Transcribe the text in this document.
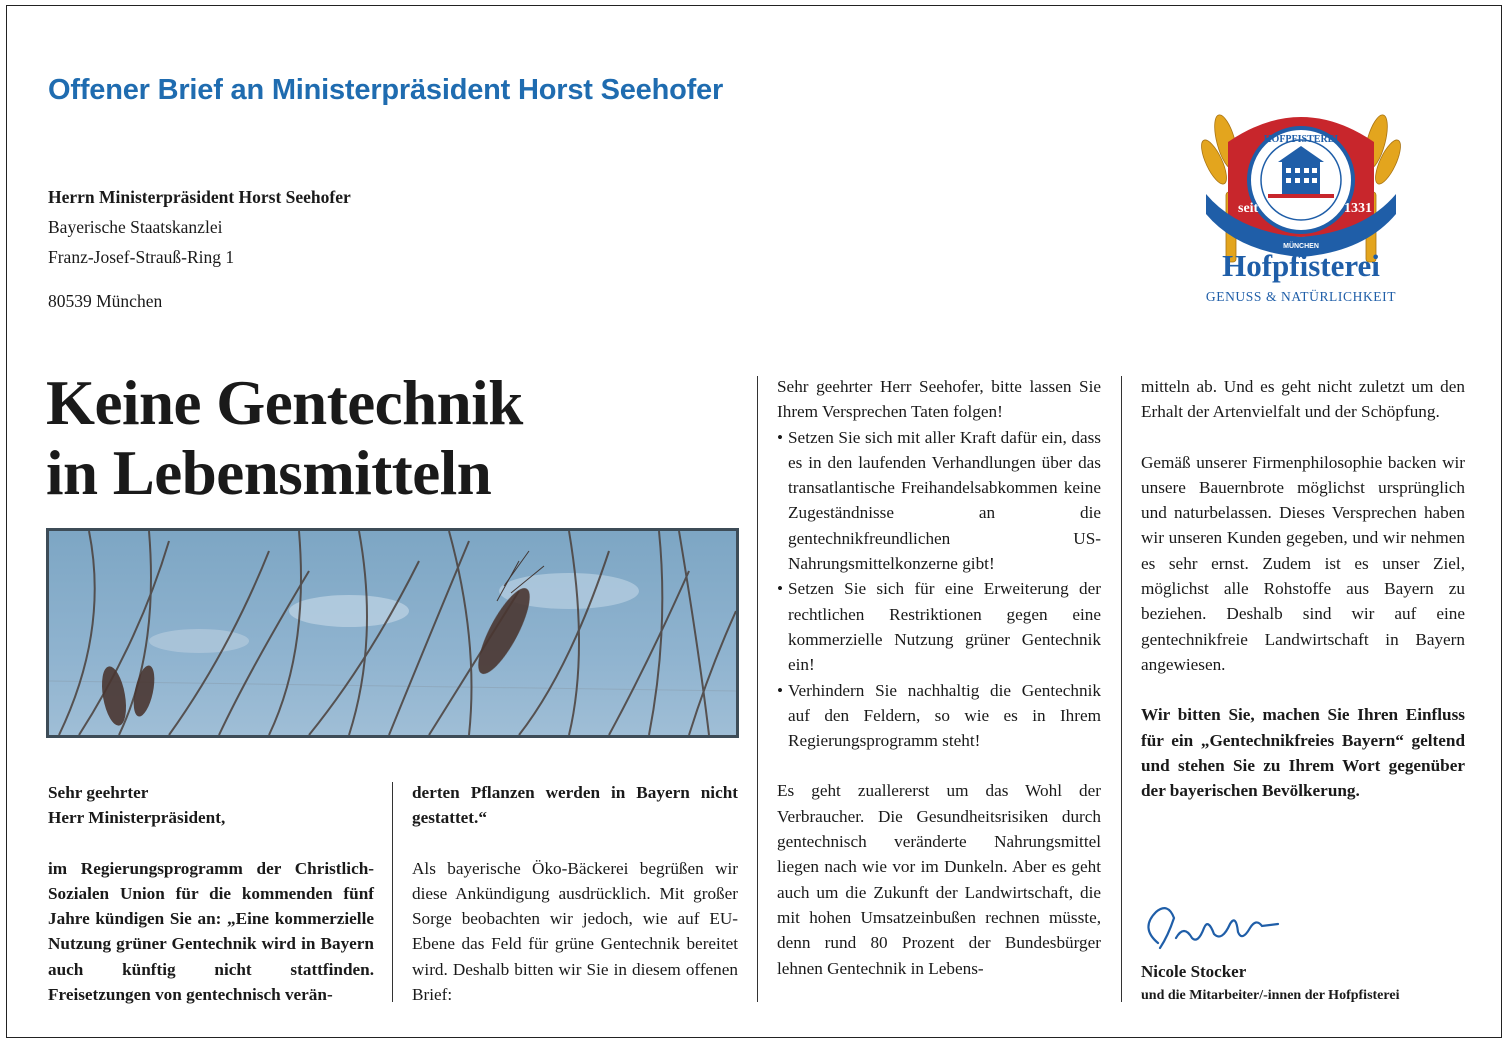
Offener Brief an Ministerpräsident Horst Seehofer
Herrn Ministerpräsident Horst Seehofer
Bayerische Staatskanzlei
Franz-Josef-Strauß-Ring 1
80539 München
Keine Gentechnik
in Lebensmitteln

Sehr geehrter

Herr Ministerpräsident,

im Regierungsprogramm der Christlich-Sozialen Union für die kommenden fünf Jahre kündigen Sie an: „Eine kommerzielle Nutzung grüner Gentechnik wird in Bayern auch künftig nicht stattfinden. Freisetzungen von gentechnisch verän-

derten Pflanzen werden in Bayern nicht gestattet.“

Als bayerische Öko-Bäckerei begrüßen wir diese Ankündigung ausdrücklich. Mit großer Sorge beobachten wir jedoch, wie auf EU-Ebene das Feld für grüne Gentechnik bereitet wird. Deshalb bitten wir Sie in diesem offenen Brief:

Sehr geehrter Herr Seehofer, bitte lassen Sie Ihrem Versprechen Taten folgen!

• Setzen Sie sich mit aller Kraft dafür ein, dass es in den laufenden Verhandlungen über das transatlantische Freihandelsabkommen keine Zugeständnisse an die gentechnikfreundlichen US-Nahrungsmittelkonzerne gibt!

• Setzen Sie sich für eine Erweiterung der rechtlichen Restriktionen gegen eine kommerzielle Nutzung grüner Gentechnik ein!

• Verhindern Sie nachhaltig die Gentechnik auf den Feldern, so wie es in Ihrem Regierungsprogramm steht!

Es geht zuallererst um das Wohl der Verbraucher. Die Gesundheitsrisiken durch gentechnisch veränderte Nahrungsmittel liegen nach wie vor im Dunkeln. Aber es geht auch um die Zukunft der Landwirtschaft, die mit hohen Umsatzeinbußen rechnen müsste, denn rund 80 Prozent der Bundesbürger lehnen Gentechnik in Lebens-

mitteln ab. Und es geht nicht zuletzt um den Erhalt der Artenvielfalt und der Schöpfung.

Gemäß unserer Firmenphilosophie backen wir unsere Bauernbrote möglichst ursprünglich und naturbelassen. Dieses Versprechen haben wir unseren Kunden gegeben, und wir nehmen es sehr ernst. Zudem ist es unser Ziel, möglichst alle Rohstoffe aus Bayern zu beziehen. Deshalb sind wir auf eine gentechnikfreie Landwirtschaft in Bayern angewiesen.

Wir bitten Sie, machen Sie Ihren Einfluss für ein „Gentechnikfreies Bayern“ geltend und stehen Sie zu Ihrem Wort gegenüber der bayerischen Bevölkerung.

HOFPFISTEREI
seit	1331
MÜNCHEN
Hofpfisterei
GENUSS & NATÜRLICHKEIT
Nicole Stocker
und die Mitarbeiter/-innen der Hofpfisterei
